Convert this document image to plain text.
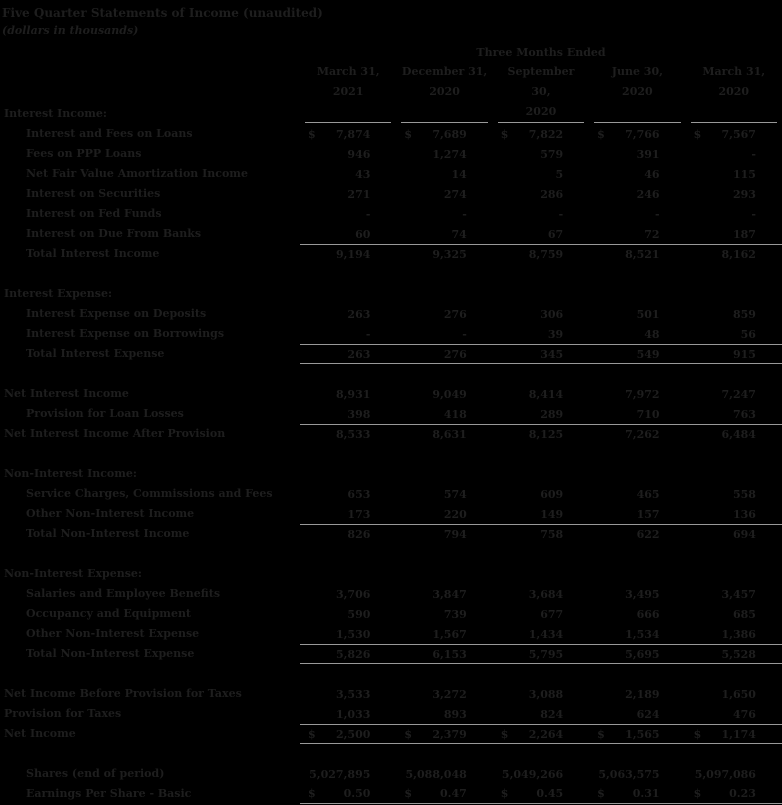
Five Quarter Statements of Income (unaudited)
(dollars in thousands)
Three Months Ended
March 31,
2021
December 31,
2020
September 30,
2020
June 30,
2020
March 31,
2020
Interest Income:
Interest and Fees on Loans	$ 7,874	$ 7,689	$ 7,822	$ 7,766	$ 7,567
Fees on PPP Loans	946	1,274	579	391	-
Net Fair Value Amortization Income	43	14	5	46	115
Interest on Securities	271	274	286	246	293
Interest on Fed Funds	-	-	-	-	-
Interest on Due From Banks	60	74	67	72	187
Total Interest Income	9,194	9,325	8,759	8,521	8,162
Interest Expense:
Interest Expense on Deposits	263	276	306	501	859
Interest Expense on Borrowings	-	-	39	48	56
Total Interest Expense	263	276	345	549	915
Net Interest Income	8,931	9,049	8,414	7,972	7,247
Provision for Loan Losses	398	418	289	710	763
Net Interest Income After Provision	8,533	8,631	8,125	7,262	6,484
Non-Interest Income:
Service Charges, Commissions and Fees	653	574	609	465	558
Other Non-Interest Income	173	220	149	157	136
Total Non-Interest Income	826	794	758	622	694
Non-Interest Expense:
Salaries and Employee Benefits	3,706	3,847	3,684	3,495	3,457
Occupancy and Equipment	590	739	677	666	685
Other Non-Interest Expense	1,530	1,567	1,434	1,534	1,386
Total Non-Interest Expense	5,826	6,153	5,795	5,695	5,528
Net Income Before Provision for Taxes	3,533	3,272	3,088	2,189	1,650
Provision for Taxes	1,033	893	824	624	476
Net Income	$ 2,500	$ 2,379	$ 2,264	$ 1,565	$ 1,174
Shares (end of period)	5,027,895	5,088,048	5,049,266	5,063,575	5,097,086
Earnings Per Share - Basic	$	0.50	$	0.47	$	0.45	$	0.31	$	0.23
